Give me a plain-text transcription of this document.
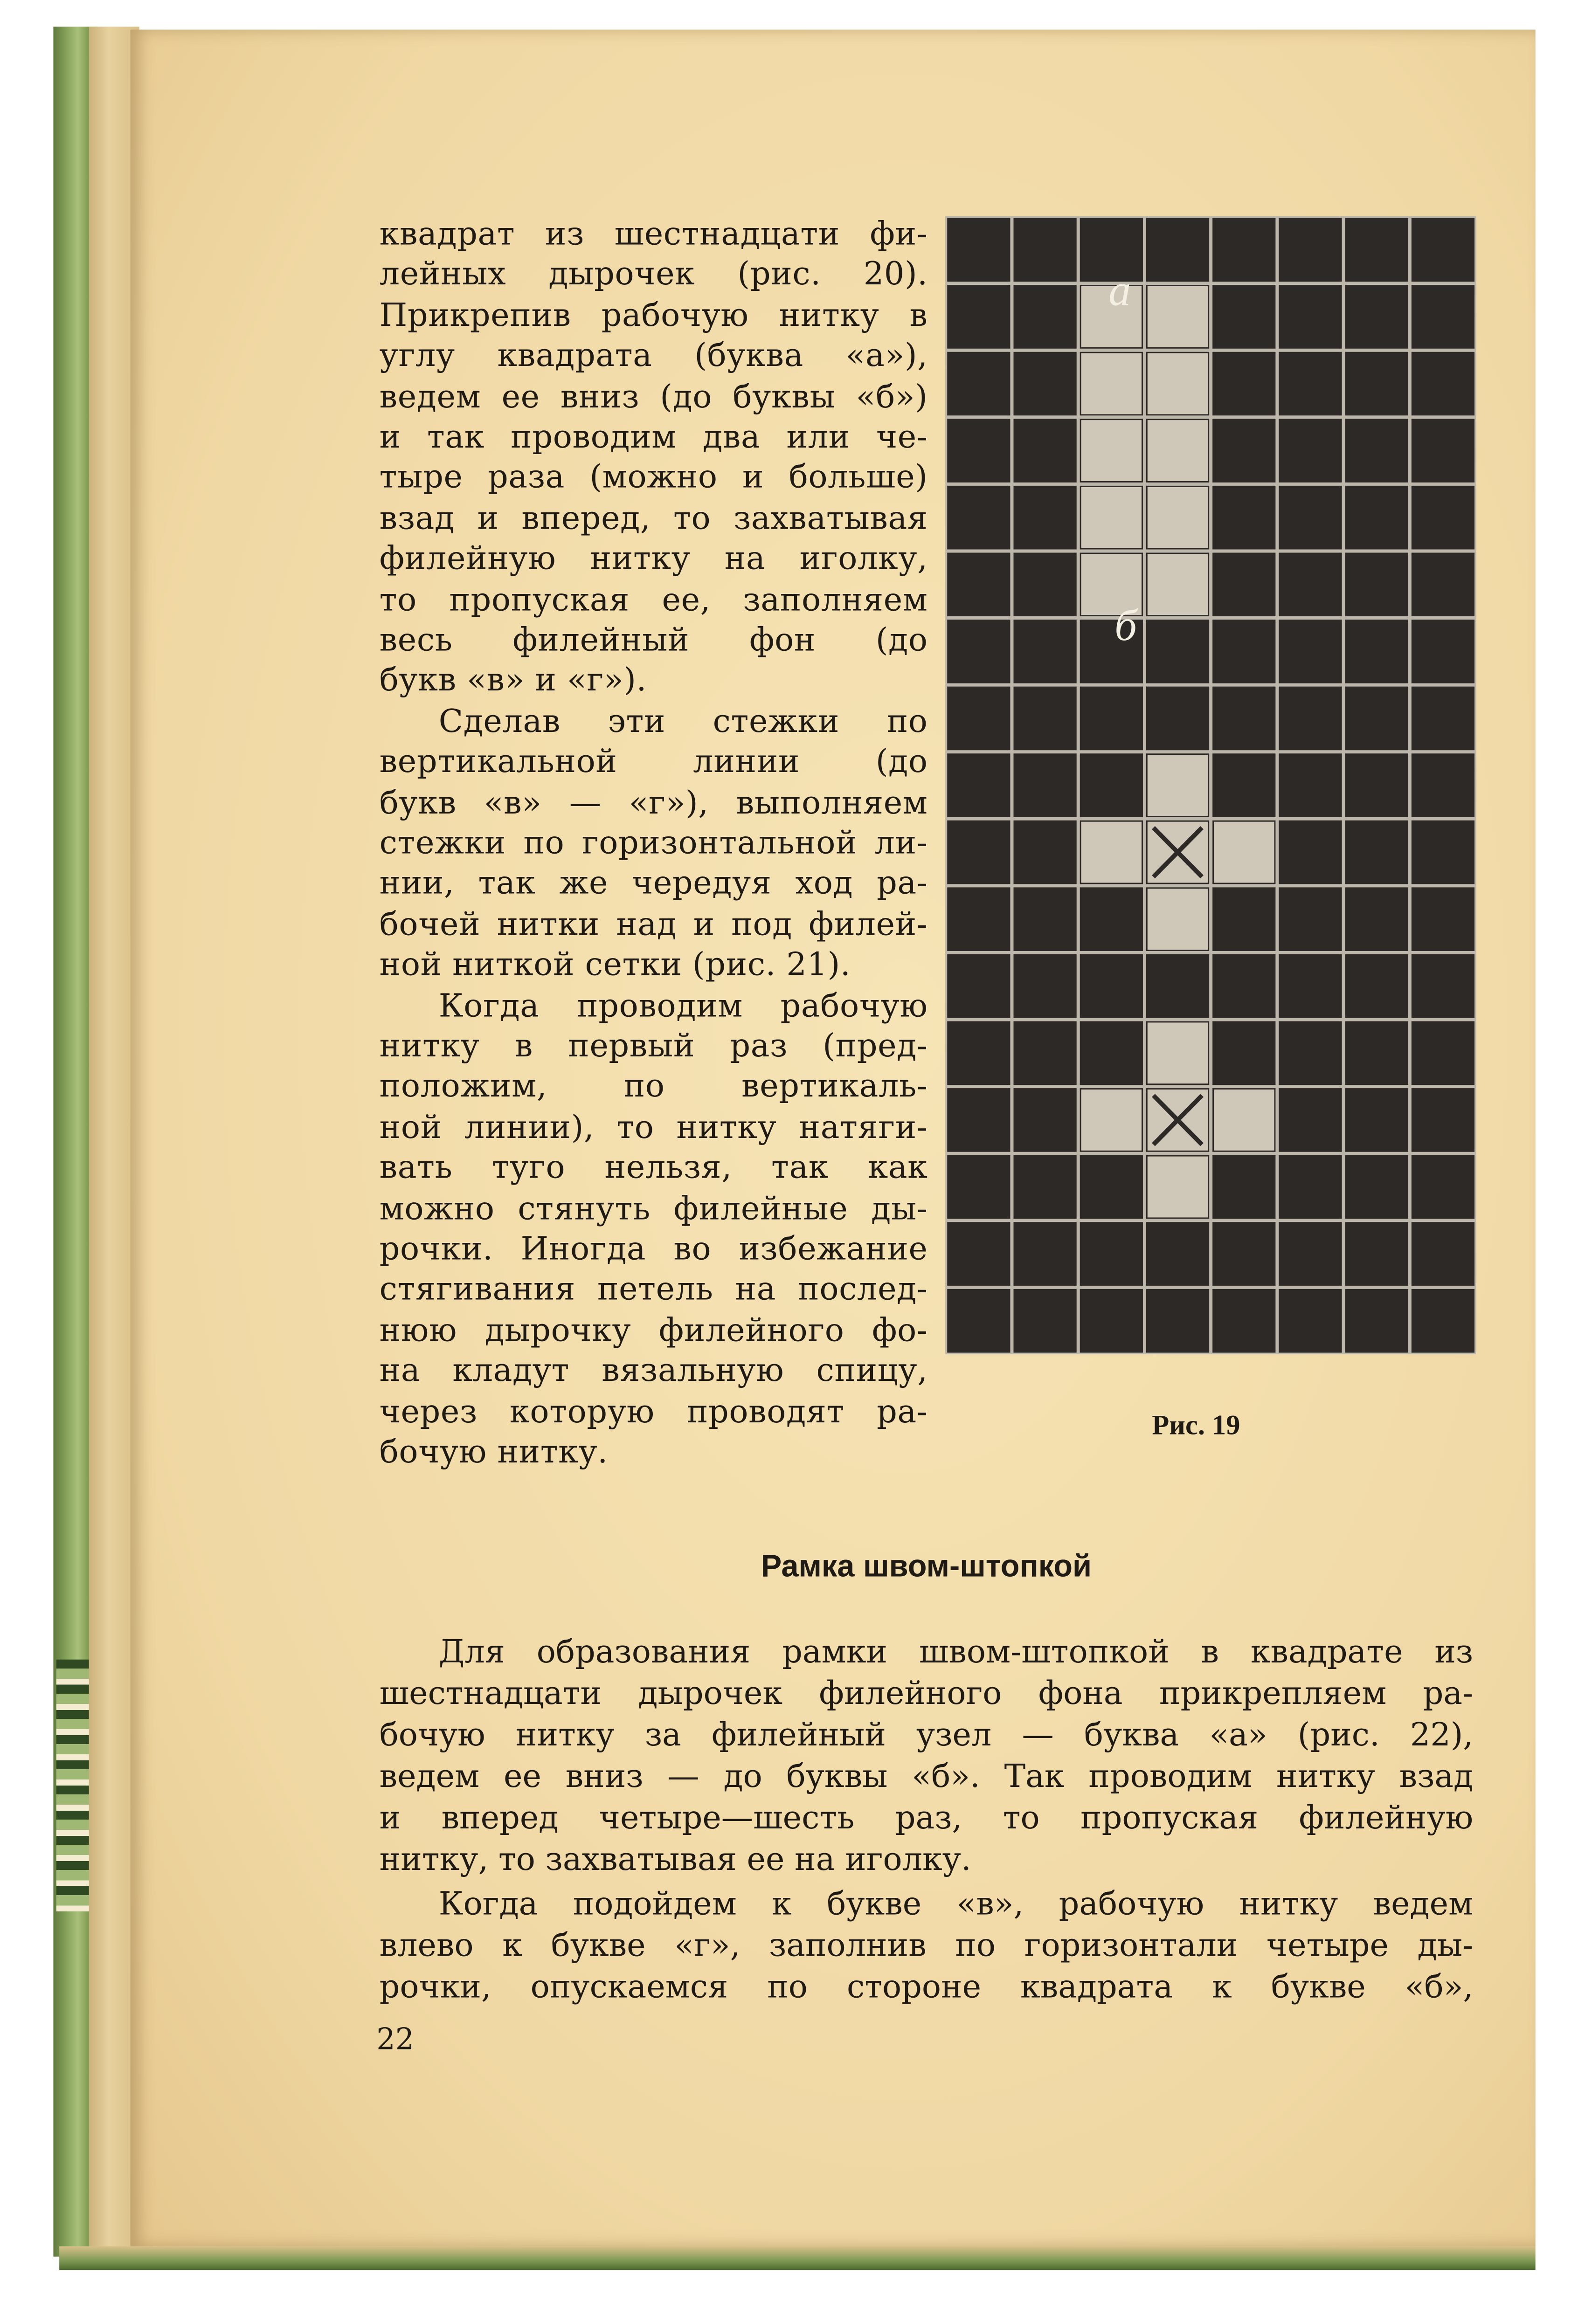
квадрат из шестнадцати фи-
лейных дырочек (рис. 20).
Прикрепив рабочую нитку в
углу квадрата (буква «а»),
ведем ее вниз (до буквы «б»)
и так проводим два или че-
тыре раза (можно и больше)
взад и вперед, то захватывая
филейную нитку на иголку,
то пропуская ее, заполняем
весь филейный фон (до
букв «в» и «г»).
Сделав эти стежки по
вертикальной линии (до
букв «в» — «г»), выполняем
стежки по горизонтальной ли-
нии, так же чередуя ход ра-
бочей нитки над и под филей-
ной ниткой сетки (рис. 21).
Когда проводим рабочую
нитку в первый раз (пред-
положим, по вертикаль-
ной линии), то нитку натяги-
вать туго нельзя, так как
можно стянуть филейные ды-
рочки. Иногда во избежание
стягивания петель на послед-
нюю дырочку филейного фо-
на кладут вязальную спицу,
через которую проводят ра-
бочую нитку.
а
б
Рис. 19
Рамка швом-штопкой
Для образования рамки швом-штопкой в квадрате из
шестнадцати дырочек филейного фона прикрепляем ра-
бочую нитку за филейный узел — буква «а» (рис. 22),
ведем ее вниз — до буквы «б». Так проводим нитку взад
и вперед четыре—шесть раз, то пропуская филейную
нитку, то захватывая ее на иголку.
Когда подойдем к букве «в», рабочую нитку ведем
влево к букве «г», заполнив по горизонтали четыре ды-
рочки, опускаемся по стороне квадрата к букве «б»,
22
